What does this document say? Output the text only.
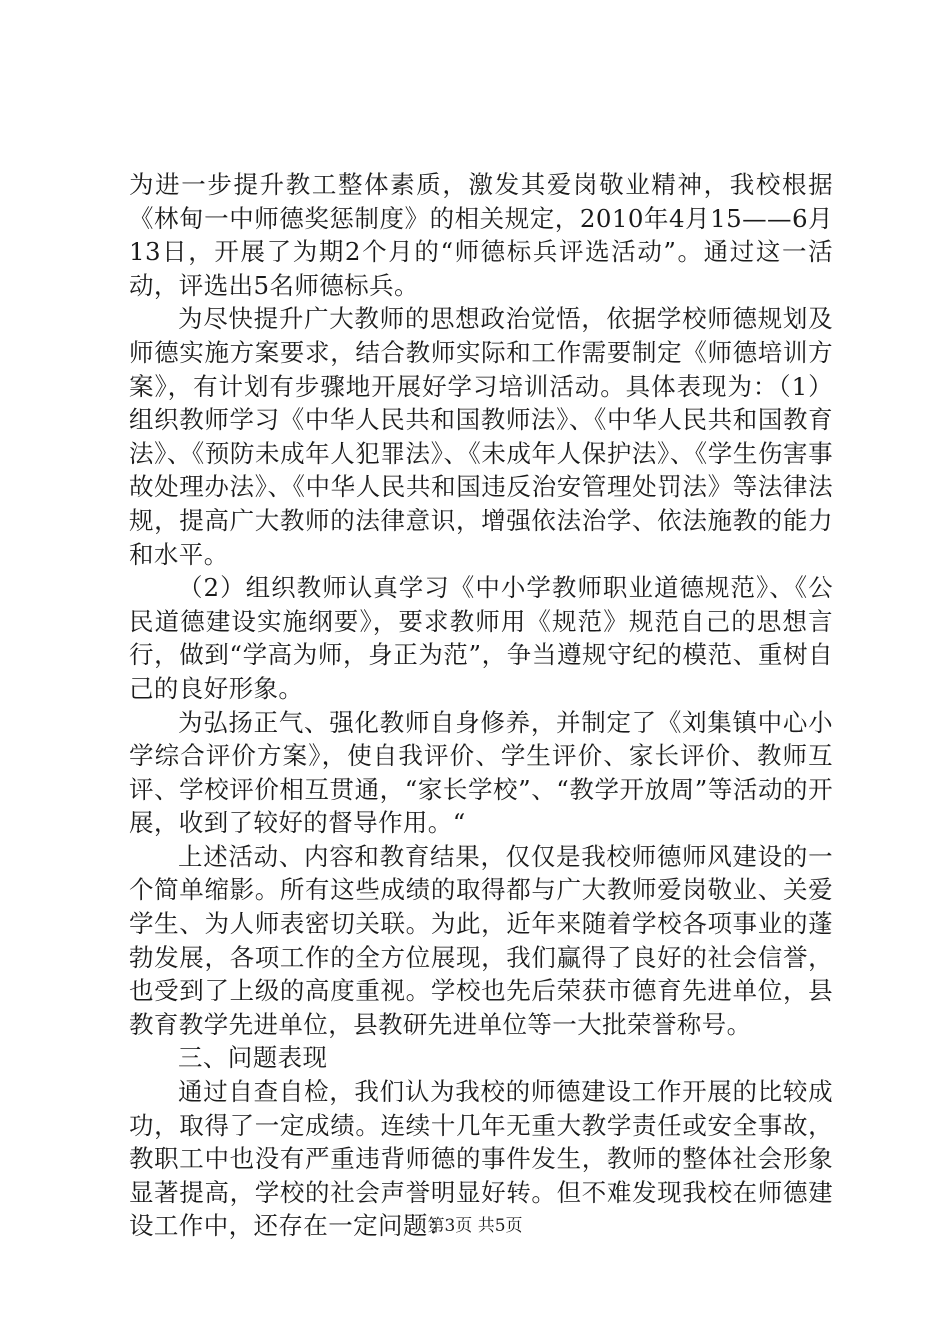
为进一步提升教工整体素质，激发其爱岗敬业精神，我校根据《林甸一中师德奖惩制度》的相关规定，2010年4月15——6月13日，开展了为期2个月的“师德标兵评选活动”。通过这一活动，评选出5名师德标兵。

为尽快提升广大教师的思想政治觉悟，依据学校师德规划及师德实施方案要求，结合教师实际和工作需要制定《师德培训方案》，有计划有步骤地开展好学习培训活动。具体表现为：（1）组织教师学习《中华人民共和国教师法》、《中华人民共和国教育法》、《预防未成年人犯罪法》、《未成年人保护法》、《学生伤害事故处理办法》、《中华人民共和国违反治安管理处罚法》等法律法规，提高广大教师的法律意识，增强依法治学、依法施教的能力和水平。

（2）组织教师认真学习《中小学教师职业道德规范》、《公民道德建设实施纲要》，要求教师用《规范》规范自己的思想言行，做到“学高为师，身正为范”，争当遵规守纪的模范、重树自己的良好形象。

为弘扬正气、强化教师自身修养，并制定了《刘集镇中心小学综合评价方案》，使自我评价、学生评价、家长评价、教师互评、学校评价相互贯通，“家长学校”、“教学开放周”等活动的开展，收到了较好的督导作用。“

上述活动、内容和教育结果，仅仅是我校师德师风建设的一个简单缩影。所有这些成绩的取得都与广大教师爱岗敬业、关爱学生、为人师表密切关联。为此，近年来随着学校各项事业的蓬勃发展，各项工作的全方位展现，我们赢得了良好的社会信誉，也受到了上级的高度重视。学校也先后荣获市德育先进单位，县教育教学先进单位，县教研先进单位等一大批荣誉称号。

三、问题表现

通过自查自检，我们认为我校的师德建设工作开展的比较成功，取得了一定成绩。连续十几年无重大教学责任或安全事故，教职工中也没有严重违背师德的事件发生，教师的整体社会形象显著提高，学校的社会声誉明显好转。但不难发现我校在师德建设工作中，还存在一定问题：

第3页 共5页
